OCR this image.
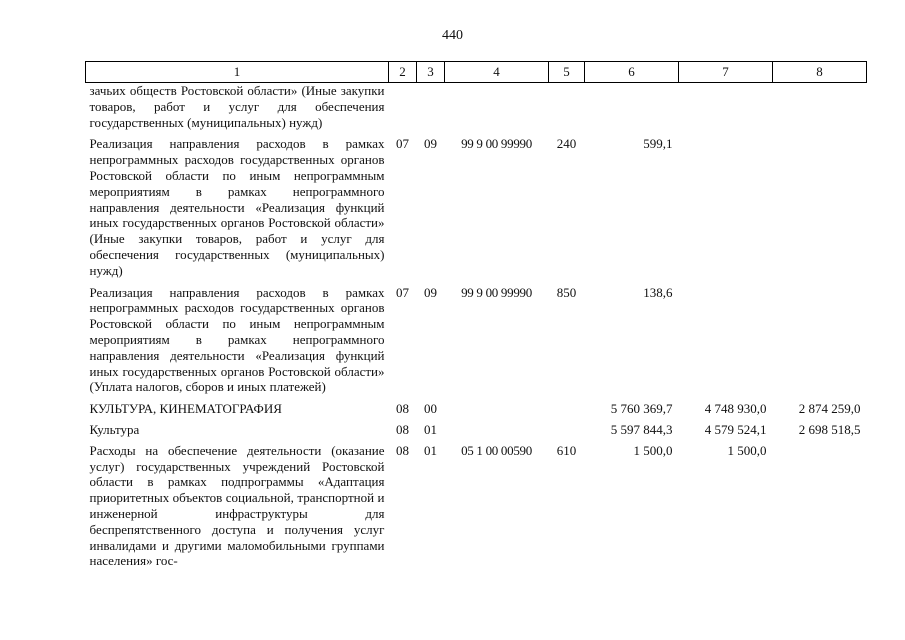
440
1	2	3	4	5	6	7	8
зачьих обществ Ростовской области» (Иные закупки товаров, работ и услуг для обеспечения государственных (муниципальных) нужд)							
Реализация направления расходов в рамках непрограммных расходов государственных органов Ростовской области по иным непрограммным мероприятиям в рамках непрограммного направления деятельности «Реализация функций иных государственных органов Ростовской области» (Иные закупки товаров, работ и услуг для обеспечения государственных (муниципальных) нужд)	07	09	99 9 00 99990	240	599,1		
Реализация направления расходов в рамках непрограммных расходов государственных органов Ростовской области по иным непрограммным мероприятиям в рамках непрограммного направления деятельности «Реализация функций иных государственных органов Ростовской области» (Уплата налогов, сборов и иных платежей)	07	09	99 9 00 99990	850	138,6		
КУЛЬТУРА, КИНЕМАТОГРАФИЯ	08	00			5 760 369,7	4 748 930,0	2 874 259,0
Культура	08	01			5 597 844,3	4 579 524,1	2 698 518,5
Расходы на обеспечение деятельности (оказание услуг) государственных учреждений Ростовской области в рамках подпрограммы «Адаптация приоритетных объектов социальной, транспортной и инженерной инфраструктуры для беспрепятственного доступа и получения услуг инвалидами и другими маломобильными группами населения» гос-	08	01	05 1 00 00590	610	1 500,0	1 500,0	
